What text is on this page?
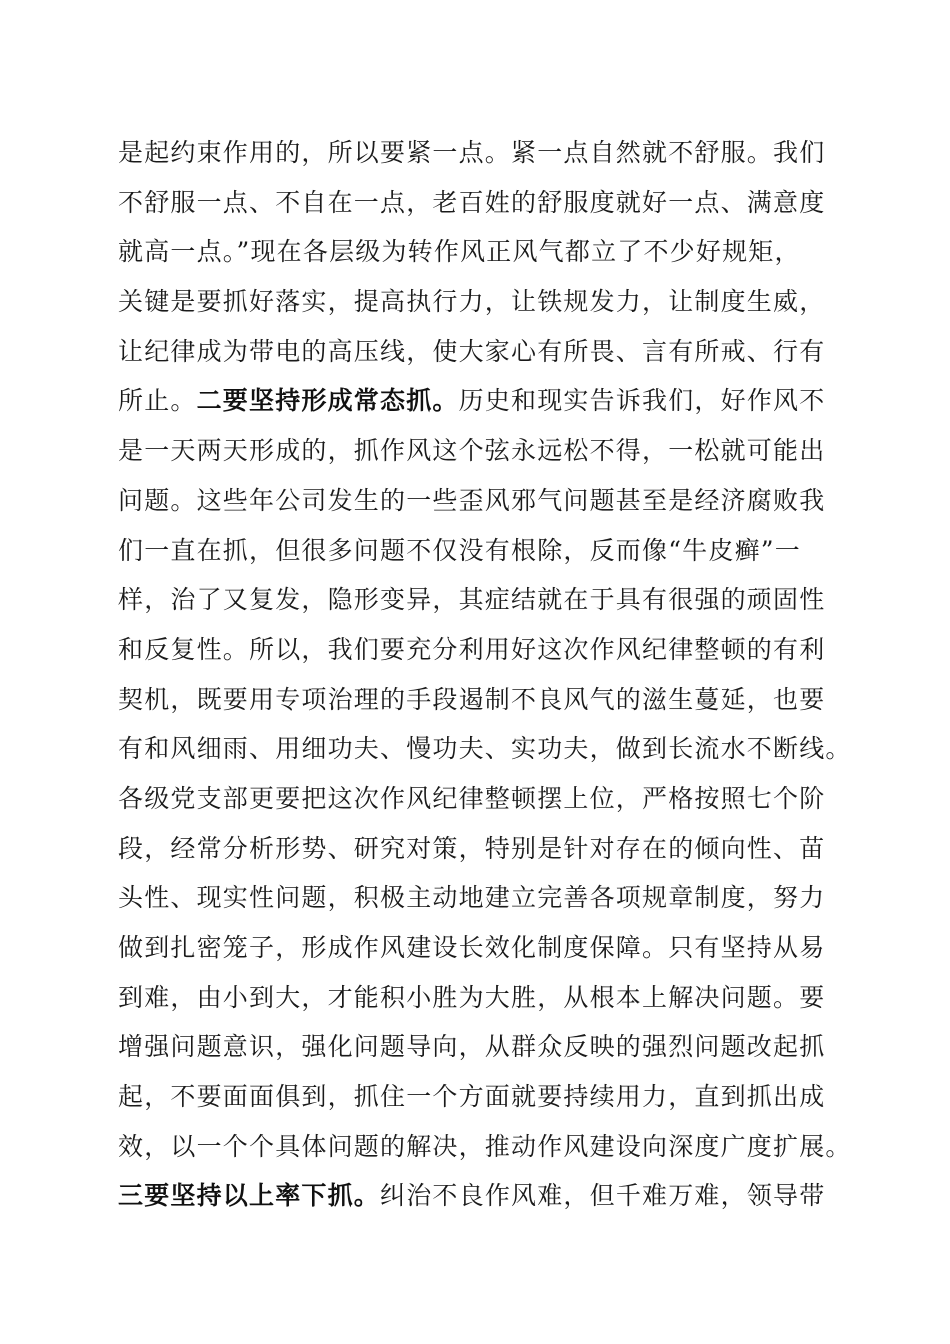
是起约束作用的，所以要紧一点。紧一点自然就不舒服。我们
不舒服一点、不自在一点，老百姓的舒服度就好一点、满意度
就高一点。”现在各层级为转作风正风气都立了不少好规矩，
关键是要抓好落实，提高执行力，让铁规发力，让制度生威，
让纪律成为带电的高压线，使大家心有所畏、言有所戒、行有
所止。二要坚持形成常态抓。历史和现实告诉我们，好作风不
是一天两天形成的，抓作风这个弦永远松不得，一松就可能出
问题。这些年公司发生的一些歪风邪气问题甚至是经济腐败我
们一直在抓，但很多问题不仅没有根除，反而像“牛皮癣”一
样，治了又复发，隐形变异，其症结就在于具有很强的顽固性
和反复性。所以，我们要充分利用好这次作风纪律整顿的有利
契机，既要用专项治理的手段遏制不良风气的滋生蔓延，也要
有和风细雨、用细功夫、慢功夫、实功夫，做到长流水不断线。
各级党支部更要把这次作风纪律整顿摆上位，严格按照七个阶
段，经常分析形势、研究对策，特别是针对存在的倾向性、苗
头性、现实性问题，积极主动地建立完善各项规章制度，努力
做到扎密笼子，形成作风建设长效化制度保障。只有坚持从易
到难，由小到大，才能积小胜为大胜，从根本上解决问题。要
增强问题意识，强化问题导向，从群众反映的强烈问题改起抓
起，不要面面俱到，抓住一个方面就要持续用力，直到抓出成
效，以一个个具体问题的解决，推动作风建设向深度广度扩展。
三要坚持以上率下抓。纠治不良作风难，但千难万难，领导带
